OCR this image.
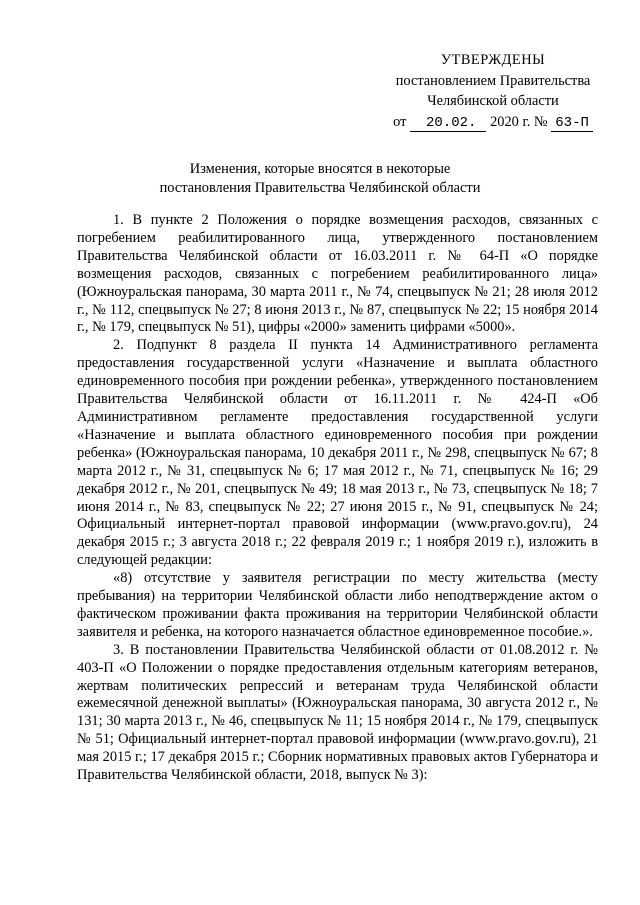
УТВЕРЖДЕНЫ
постановлением Правительства
Челябинской области
от 20.02. 2020 г. № 63-П
Изменения, которые вносятся в некоторые
постановления Правительства Челябинской области

1. В пункте 2 Положения о порядке возмещения расходов, связанных с погребением реабилитированного лица, утвержденного постановлением Правительства Челябинской области от 16.03.2011 г. № 64-П «О порядке возмещения расходов, связанных с погребением реабилитированного лица» (Южноуральская панорама, 30 марта 2011 г., № 74, спецвыпуск № 21; 28 июля 2012 г., № 112, спецвыпуск № 27; 8 июня 2013 г., № 87, спецвыпуск № 22; 15 ноября 2014 г., № 179, спецвыпуск № 51), цифры «2000» заменить цифрами «5000».

2. Подпункт 8 раздела II пункта 14 Административного регламента предоставления государственной услуги «Назначение и выплата областного единовременного пособия при рождении ребенка», утвержденного постановлением Правительства Челябинской области от 16.11.2011 г. № 424-П «Об Административном регламенте предоставления государственной услуги «Назначение и выплата областного единовременного пособия при рождении ребенка» (Южноуральская панорама, 10 декабря 2011 г., № 298, спецвыпуск № 67; 8 марта 2012 г., № 31, спецвыпуск № 6; 17 мая 2012 г., № 71, спецвыпуск № 16; 29 декабря 2012 г., № 201, спецвыпуск № 49; 18 мая 2013 г., № 73, спецвыпуск № 18; 7 июня 2014 г., № 83, спецвыпуск № 22; 27 июня 2015 г., № 91, спецвыпуск № 24; Официальный интернет-портал правовой информации (www.pravo.gov.ru), 24 декабря 2015 г.; 3 августа 2018 г.; 22 февраля 2019 г.; 1 ноября 2019 г.), изложить в следующей редакции:

«8) отсутствие у заявителя регистрации по месту жительства (месту пребывания) на территории Челябинской области либо неподтверждение актом о фактическом проживании факта проживания на территории Челябинской области заявителя и ребенка, на которого назначается областное единовременное пособие.».

3. В постановлении Правительства Челябинской области от 01.08.2012 г. № 403-П «О Положении о порядке предоставления отдельным категориям ветеранов, жертвам политических репрессий и ветеранам труда Челябинской области ежемесячной денежной выплаты» (Южноуральская панорама, 30 августа 2012 г., № 131; 30 марта 2013 г., № 46, спецвыпуск № 11; 15 ноября 2014 г., № 179, спецвыпуск № 51; Официальный интернет-портал правовой информации (www.pravo.gov.ru), 21 мая 2015 г.; 17 декабря 2015 г.; Сборник нормативных правовых актов Губернатора и Правительства Челябинской области, 2018, выпуск № 3):
